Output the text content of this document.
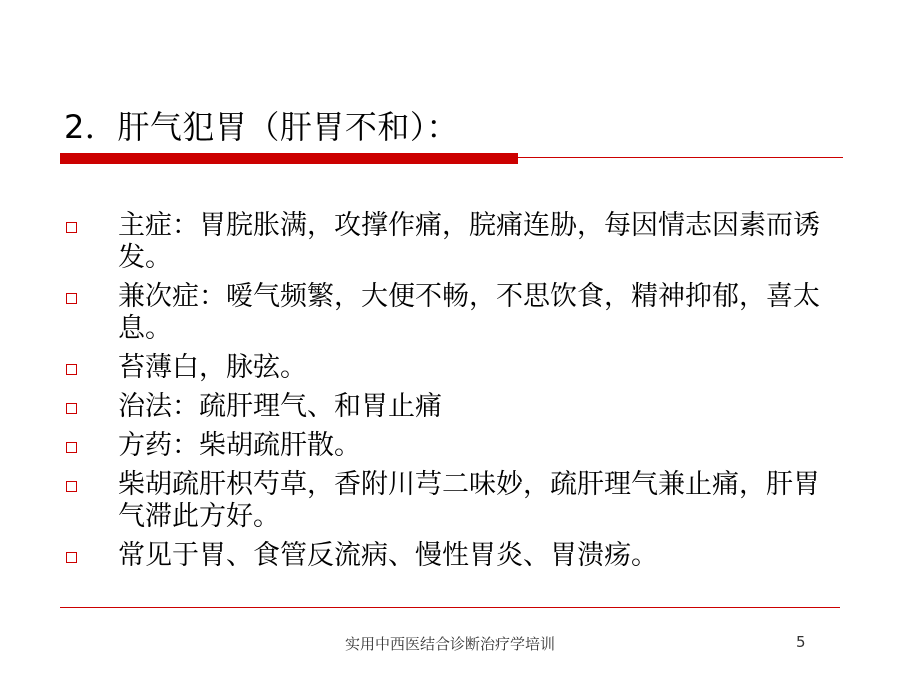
2．肝气犯胃（肝胃不和）：
主症：胃脘胀满，攻撑作痛，脘痛连胁，每因情志因素而诱发。
兼次症：嗳气频繁，大便不畅，不思饮食，精神抑郁，喜太息。
苔薄白，脉弦。
治法：疏肝理气、和胃止痛
方药：柴胡疏肝散。
柴胡疏肝枳芍草，香附川芎二味妙，疏肝理气兼止痛，肝胃气滞此方好。
常见于胃、食管反流病、慢性胃炎、胃溃疡。
实用中西医结合诊断治疗学培训	5
